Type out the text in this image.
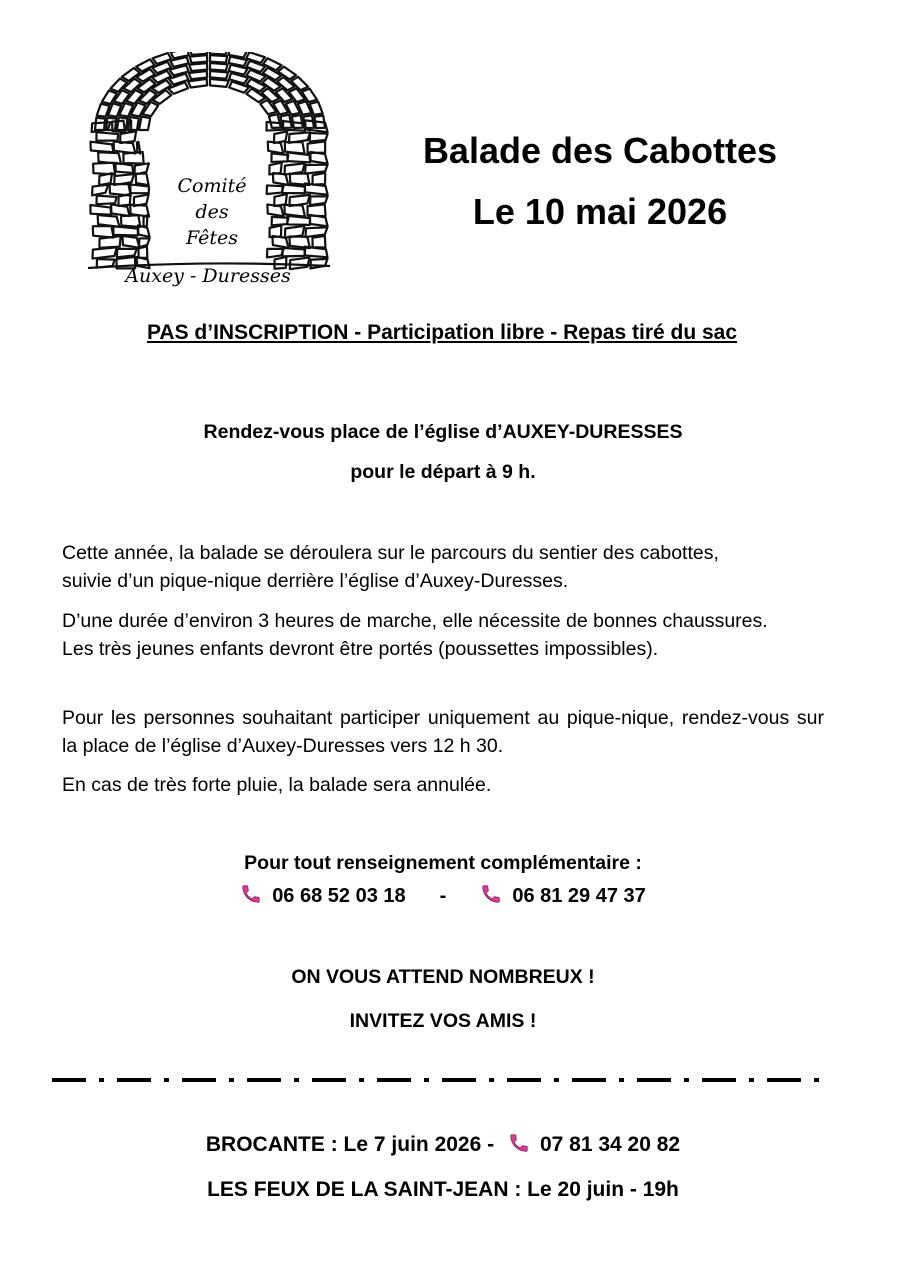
Comité
des
Fêtes
Auxey - Duresses
Balade des Cabottes
Le 10 mai 2026
PAS d’INSCRIPTION - Participation libre - Repas tiré du sac
Rendez-vous place de l’église d’AUXEY-DURESSES
pour le départ à 9 h.
Cette année, la balade se déroulera sur le parcours du sentier des cabottes,
suivie d’un pique-nique derrière l’église d’Auxey-Duresses.
D’une durée d’environ 3 heures de marche, elle nécessite de bonnes chaussures.
Les très jeunes enfants devront être portés (poussettes impossibles).
Pour les personnes souhaitant participer uniquement au pique-nique, rendez-vous sur la place de l’église d’Auxey-Duresses vers 12 h 30.
En cas de très forte pluie, la balade sera annulée.
Pour tout renseignement complémentaire :
06 68 52 03 18 -	06 81 29 47 37
ON VOUS ATTEND NOMBREUX !
INVITEZ VOS AMIS !
BROCANTE : Le 7 juin 2026 - 07 81 34 20 82
LES FEUX DE LA SAINT-JEAN : Le 20 juin - 19h
